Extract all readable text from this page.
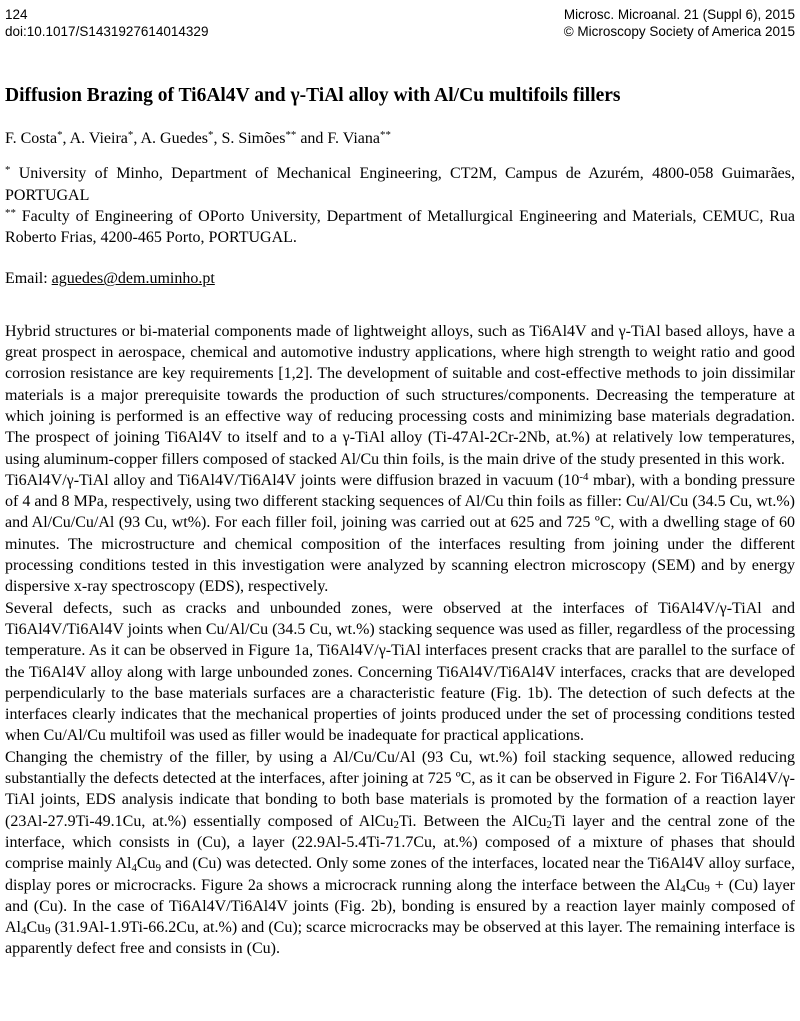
124
doi:10.1017/S1431927614014329
Microsc. Microanal. 21 (Suppl 6), 2015
© Microscopy Society of America 2015
Diffusion Brazing of Ti6Al4V and γ-TiAl alloy with Al/Cu multifoils fillers

F. Costa*, A. Vieira*, A. Guedes*, S. Simões** and F. Viana**

* University of Minho, Department of Mechanical Engineering, CT2M, Campus de Azurém, 4800-058 Guimarães, PORTUGAL

** Faculty of Engineering of OPorto University, Department of Metallurgical Engineering and Materials, CEMUC, Rua Roberto Frias, 4200-465 Porto, PORTUGAL.

Email: aguedes@dem.uminho.pt

Hybrid structures or bi-material components made of lightweight alloys, such as Ti6Al4V and γ-TiAl based alloys, have a great prospect in aerospace, chemical and automotive industry applications, where high strength to weight ratio and good corrosion resistance are key requirements [1,2]. The development of suitable and cost-effective methods to join dissimilar materials is a major prerequisite towards the production of such structures/components. Decreasing the temperature at which joining is performed is an effective way of reducing processing costs and minimizing base materials degradation. The prospect of joining Ti6Al4V to itself and to a γ-TiAl alloy (Ti-47Al-2Cr-2Nb, at.%) at relatively low temperatures, using aluminum-copper fillers composed of stacked Al/Cu thin foils, is the main drive of the study presented in this work.

Ti6Al4V/γ-TiAl alloy and Ti6Al4V/Ti6Al4V joints were diffusion brazed in vacuum ($10^{-4}$ mbar), with a bonding pressure of 4 and 8 MPa, respectively, using two different stacking sequences of Al/Cu thin foils as filler: Cu/Al/Cu (34.5 Cu, wt.%) and Al/Cu/Cu/Al (93 Cu, wt%). For each filler foil, joining was carried out at 625 and 725 ºC, with a dwelling stage of 60 minutes. The microstructure and chemical composition of the interfaces resulting from joining under the different processing conditions tested in this investigation were analyzed by scanning electron microscopy (SEM) and by energy dispersive x-ray spectroscopy (EDS), respectively.

Several defects, such as cracks and unbounded zones, were observed at the interfaces of Ti6Al4V/γ-TiAl and Ti6Al4V/Ti6Al4V joints when Cu/Al/Cu (34.5 Cu, wt.%) stacking sequence was used as filler, regardless of the processing temperature. As it can be observed in Figure 1a, Ti6Al4V/γ-TiAl interfaces present cracks that are parallel to the surface of the Ti6Al4V alloy along with large unbounded zones. Concerning Ti6Al4V/Ti6Al4V interfaces, cracks that are developed perpendicularly to the base materials surfaces are a characteristic feature (Fig. 1b). The detection of such defects at the interfaces clearly indicates that the mechanical properties of joints produced under the set of processing conditions tested when Cu/Al/Cu multifoil was used as filler would be inadequate for practical applications.

Changing the chemistry of the filler, by using a Al/Cu/Cu/Al (93 Cu, wt.%) foil stacking sequence, allowed reducing substantially the defects detected at the interfaces, after joining at 725 ºC, as it can be observed in Figure 2. For Ti6Al4V/γ-TiAl joints, EDS analysis indicate that bonding to both base materials is promoted by the formation of a reaction layer (23Al-27.9Ti-49.1Cu, at.%) essentially composed of AlCu2Ti. Between the AlCu2Ti layer and the central zone of the interface, which consists in (Cu), a layer (22.9Al-5.4Ti-71.7Cu, at.%) composed of a mixture of phases that should comprise mainly Al4Cu9 and (Cu) was detected. Only some zones of the interfaces, located near the Ti6Al4V alloy surface, display pores or microcracks. Figure 2a shows a microcrack running along the interface between the Al4Cu9 + (Cu) layer and (Cu). In the case of Ti6Al4V/Ti6Al4V joints (Fig. 2b), bonding is ensured by a reaction layer mainly composed of Al4Cu9 (31.9Al-1.9Ti-66.2Cu, at.%) and (Cu); scarce microcracks may be observed at this layer. The remaining interface is apparently defect free and consists in (Cu).
